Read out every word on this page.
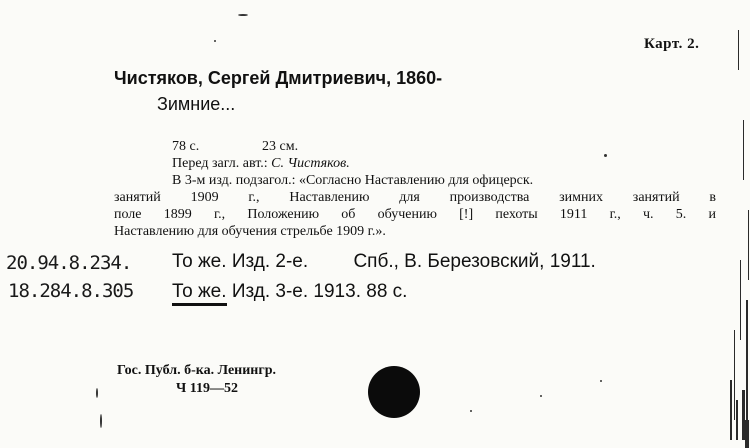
Карт. 2.
Чистяков, Сергей Дмитриевич, 1860-
Зимние...
78 с.	23 см.
Перед загл. авт.: С. Чистяков.
В 3-м изд. подзагол.: «Согласно Наставлению для офицерск.
занятий 1909 г., Наставлению для производства зимних занятий в
поле 1899 г., Положению об обучению [!] пехоты 1911 г., ч. 5. и
Наставлению для обучения стрельбе 1909 г.».
20.94.8.234. То же. Изд. 2-е. Спб., В. Березовский, 1911.
18.284.8.305 То же. Изд. 3-е. 1913. 88 с.
Гос. Публ. б-ка. Ленингр.
Ч 119—52
